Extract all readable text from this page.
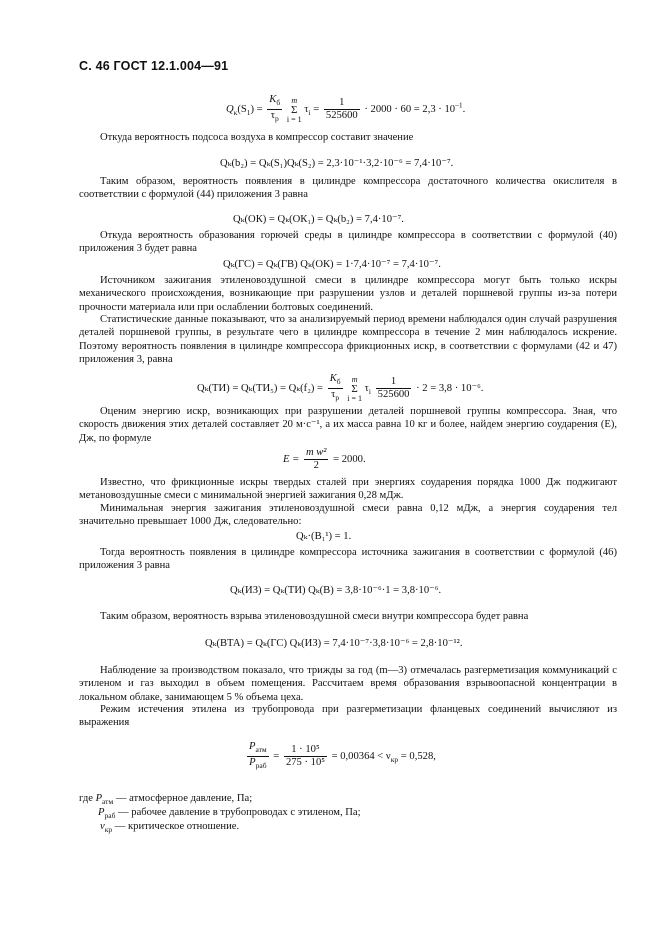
С. 46 ГОСТ 12.1.004—91
$Q_к(S_1) = \frac{K_б}{\tau_р}$ m
Σ
i = 1 $\tau_i = \frac{1}{525600} \cdot 2000 \cdot 60 = 2,3 \cdot 10^{-1}$.
Откуда вероятность подсоса воздуха в компрессор составит значение
Qₖ(b₂) = Qₖ(S₁)Qₖ(S₂) = 2,3·10⁻¹·3,2·10⁻⁶ = 7,4·10⁻⁷.
Таким образом, вероятность появления в цилиндре компрессора достаточного количества окислителя в соответствии с формулой (44) приложения 3 равна
Qₖ(ОК) = Qₖ(ОК₁) = Qₖ(b₂) = 7,4·10⁻⁷.
Откуда вероятность образования горючей среды в цилиндре компрессора в соответствии с формулой (40) приложения 3 будет равна
Qₖ(ГС) = Qₖ(ГВ) Qₖ(ОК) = 1·7,4·10⁻⁷ = 7,4·10⁻⁷.
Источником зажигания этиленовоздушной смеси в цилиндре компрессора могут быть только искры механического происхождения, возникающие при разрушении узлов и деталей поршневой группы из-за потери прочности материала или при ослаблении болтовых соединений.
Статистические данные показывают, что за анализируемый период времени наблюдался один случай разрушения деталей поршневой группы, в результате чего в цилиндре компрессора в течение 2 мин наблюдалось искрение. Поэтому вероятность появления в цилиндре компрессора фрикционных искр, в соответствии с формулами (42 и 47) приложения 3, равна
$Q_k(ТИ) = Q_k(ТИ_5) = Q_k(f_2) = \frac{K_б}{\tau_р}$ m
Σ
i = 1 $\tau_i \frac{1}{525600} \cdot 2 = 3,8 \cdot 10^{-6}$.
Оценим энергию искр, возникающих при разрушении деталей поршневой группы компрессора. Зная, что скорость движения этих деталей составляет 20 м·с⁻¹, а их масса равна 10 кг и более, найдем энергию соударения (Е), Дж, по формуле
$E = \frac{\text{m w²}}{2} = 2000$.
Известно, что фрикционные искры твердых сталей при энергиях соударения порядка 1000 Дж поджигают метановоздушные смеси с минимальной энергией зажигания 0,28 мДж.
Минимальная энергия зажигания этиленовоздушной смеси равна 0,12 мДж, а энергия соударения тел значительно превышает 1000 Дж, следовательно:
Qₖ·(B₁¹) = 1.
Тогда вероятность появления в цилиндре компрессора источника зажигания в соответствии с формулой (46) приложения 3 равна
Qₖ(ИЗ) = Qₖ(ТИ) Qₖ(B) = 3,8·10⁻⁶·1 = 3,8·10⁻⁶.
Таким образом, вероятность взрыва этиленовоздушной смеси внутри компрессора будет равна
Qₖ(ВТА) = Qₖ(ГС) Qₖ(ИЗ) = 7,4·10⁻⁷·3,8·10⁻⁶ = 2,8·10⁻¹².
Наблюдение за производством показало, что трижды за год (m—3) отмечалась разгерметизация коммуникаций с этиленом и газ выходил в объем помещения. Рассчитаем время образования взрывоопасной концентрации в локальном облаке, занимающем 5 % объема цеха.
Режим истечения этилена из трубопровода при разгерметизации фланцевых соединений вычисляют из выражения
$\frac{P_{атм}}{P_{раб}} = \frac{\text{1 · 10⁵}}{\text{275 · 10⁵}} = 0,00364 < \nu_{кр} = 0,528$,
где $P_{атм}$ — атмосферное давление, Па;
$P_{раб}$ — рабочее давление в трубопроводах с этиленом, Па;
$\nu_{кр}$ — критическое отношение.
